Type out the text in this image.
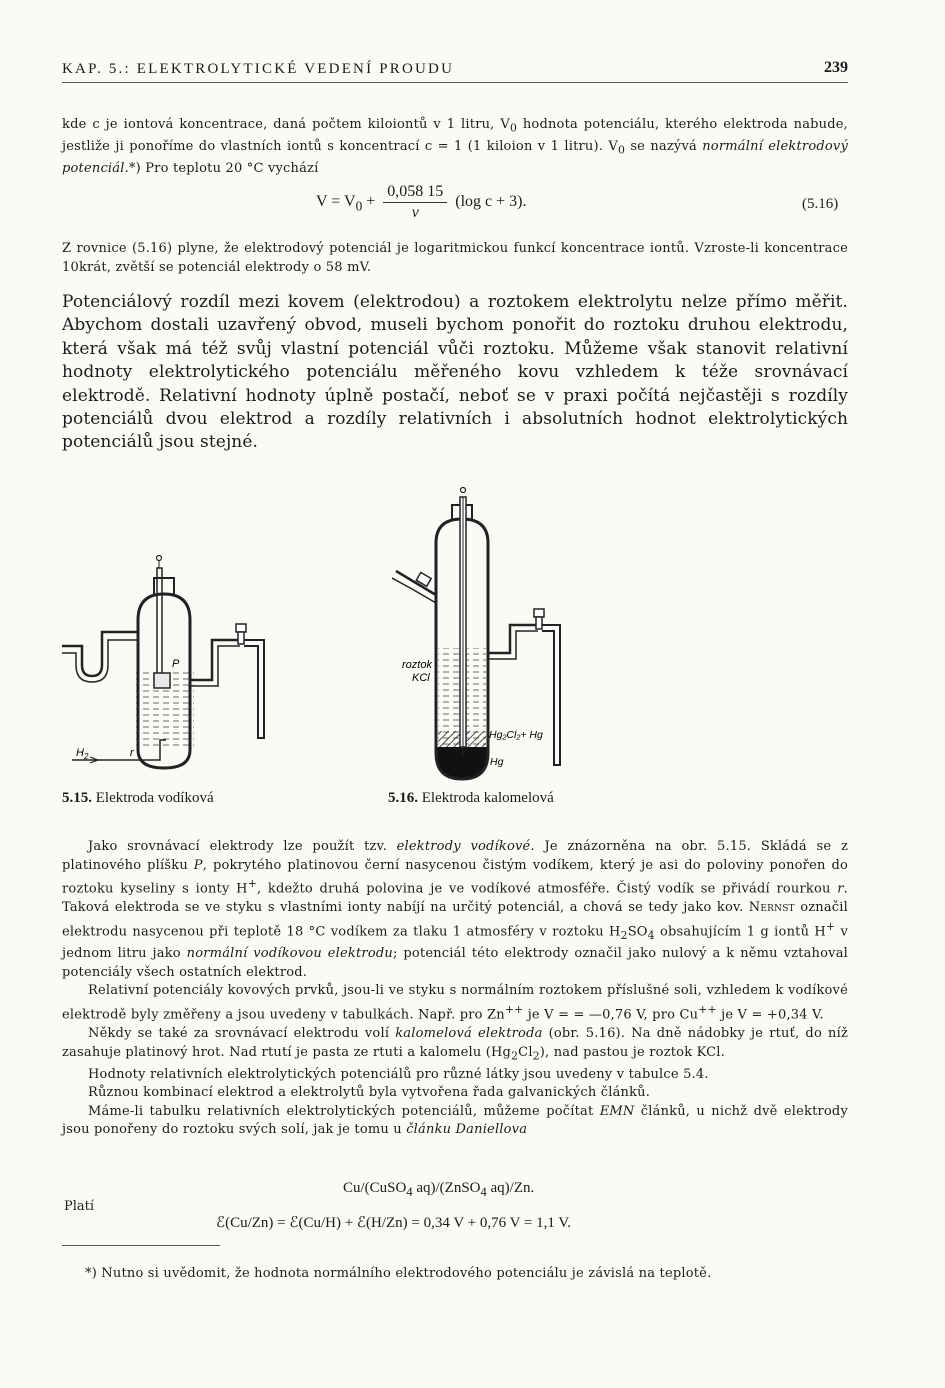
KAP. 5.: ELEKTROLYTICKÉ VEDENÍ PROUDU	239
kde c je iontová koncentrace, daná počtem kiloiontů v 1 litru, $V_0$ hodnota potenciálu, kterého elektroda nabude, jestliže ji ponoříme do vlastních iontů s koncentrací c = 1 (1 kiloion v 1 litru). $V_0$ se nazývá normální elektrodový potenciál.*) Pro teplotu 20 °C vychází
$V = V_0 + \frac{0,058 15}{v} (\log$ c + 3).	(5.16)
Z rovnice (5.16) plyne, že elektrodový potenciál je logaritmickou funkcí koncentrace iontů. Vzroste-li koncentrace 10krát, zvětší se potenciál elektrody o 58 mV.
Potenciálový rozdíl mezi kovem (elektrodou) a roztokem elektrolytu nelze přímo měřit. Abychom dostali uzavřený obvod, museli bychom ponořit do roztoku druhou elektrodu, která však má též svůj vlastní potenciál vůči roztoku. Můžeme však stanovit relativní hodnoty elektrolytického potenciálu měřeného kovu vzhledem k téže srovnávací elektrodě. Relativní hodnoty úplně postačí, neboť se v praxi počítá nejčastěji s rozdíly potenciálů dvou elektrod a rozdíly relativních i absolutních hodnot elektrolytických potenciálů jsou stejné.
P
$H_2$	r
5.15. Elektroda vodíková
roztok
KCl
Hg₂Cl₂+ Hg
Hg
5.16. Elektroda kalomelová

Jako srovnávací elektrody lze použít tzv. elektrody vodíkové. Je znázorněna na obr. 5.15. Skládá se z platinového plíšku P, pokrytého platinovou černí nasycenou čistým vodíkem, který je asi do poloviny ponořen do roztoku kyseliny s ionty H+, kdežto druhá polovina je ve vodíkové atmosféře. Čistý vodík se přivádí rourkou r. Taková elektroda se ve styku s vlastními ionty nabíjí na určitý potenciál, a chová se tedy jako kov. Nernst označil elektrodu nasycenou při teplotě 18 °C vodíkem za tlaku 1 atmosféry v roztoku $H_2SO_4$ obsahujícím 1 g iontů H+ v jednom litru jako normální vodíkovou elektrodu; potenciál této elektrody označil jako nulový a k němu vztahoval potenciály všech ostatních elektrod.

Relativní potenciály kovových prvků, jsou-li ve styku s normálním roztokem příslušné soli, vzhledem k vodíkové elektrodě byly změřeny a jsou uvedeny v tabulkách. Např. pro Zn++ je V = = —0,76 V, pro Cu++ je V = +0,34 V.

Někdy se také za srovnávací elektrodu volí kalomelová elektroda (obr. 5.16). Na dně nádobky je rtuť, do níž zasahuje platinový hrot. Nad rtutí je pasta ze rtuti a kalomelu $(Hg_2Cl_2)$, nad pastou je roztok KCl.

Hodnoty relativních elektrolytických potenciálů pro různé látky jsou uvedeny v tabulce 5.4.

Různou kombinací elektrod a elektrolytů byla vytvořena řada galvanických článků.

Máme-li tabulku relativních elektrolytických potenciálů, můžeme počítat EMN článků, u nichž dvě elektrody jsou ponořeny do roztoku svých solí, jak je tomu u článku Daniellova

Cu/(CuSO$_4$ aq)/(ZnSO$_4$ aq)/Zn.
Platí
ℰ(Cu/Zn) = ℰ(Cu/H) + ℰ(H/Zn) = 0,34 V + 0,76 V = 1,1 V.
*) Nutno si uvědomit, že hodnota normálního elektrodového potenciálu je závislá na teplotě.
